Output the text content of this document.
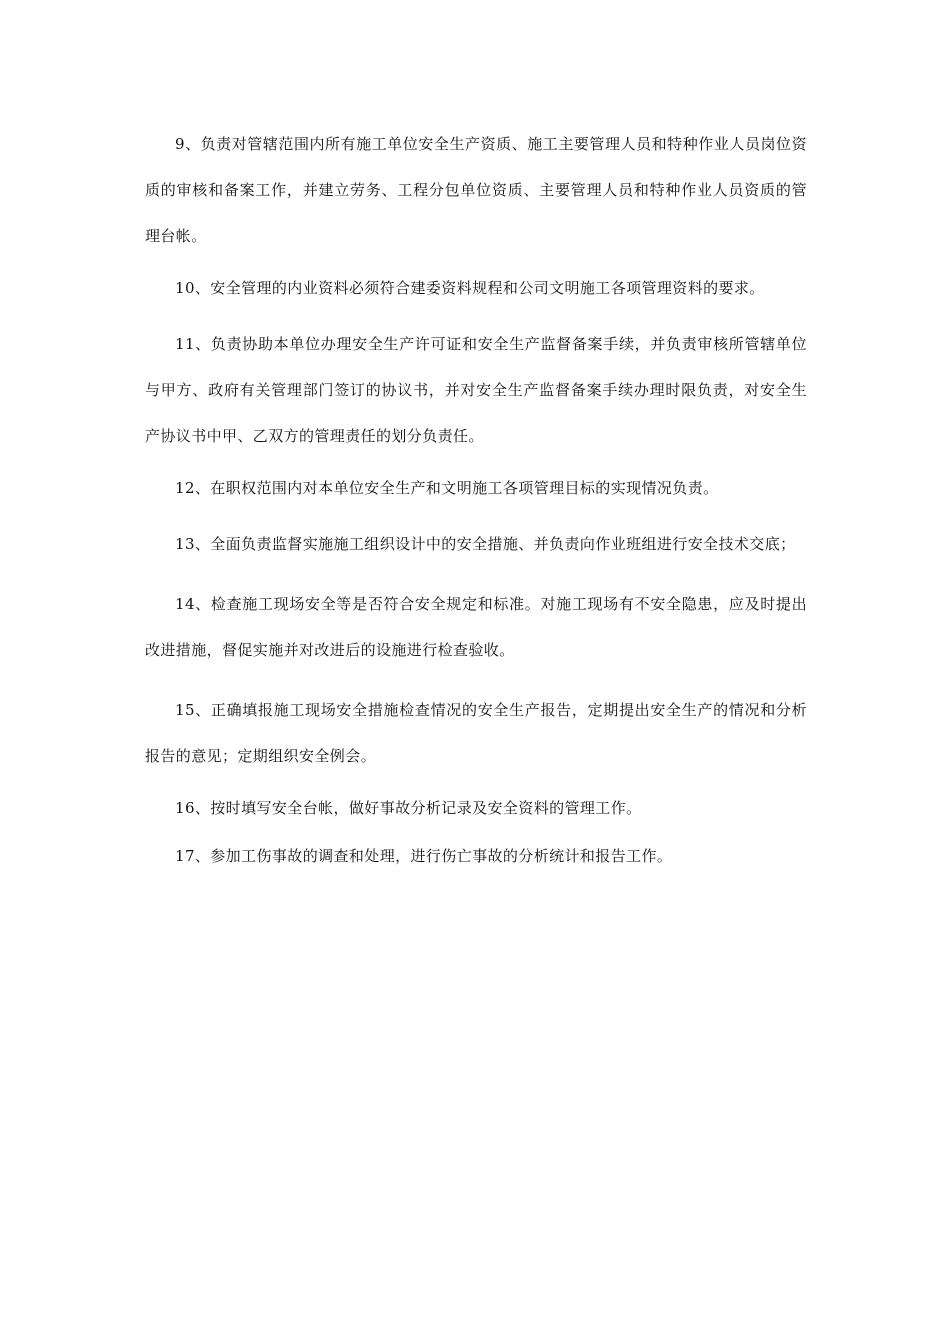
9、负责对管辖范围内所有施工单位安全生产资质、施工主要管理人员和特种作业人员岗位资质的审核和备案工作，并建立劳务、工程分包单位资质、主要管理人员和特种作业人员资质的管理台帐。

10、安全管理的内业资料必须符合建委资料规程和公司文明施工各项管理资料的要求。

11、负责协助本单位办理安全生产许可证和安全生产监督备案手续，并负责审核所管辖单位与甲方、政府有关管理部门签订的协议书，并对安全生产监督备案手续办理时限负责，对安全生产协议书中甲、乙双方的管理责任的划分负责任。

12、在职权范围内对本单位安全生产和文明施工各项管理目标的实现情况负责。

13、全面负责监督实施施工组织设计中的安全措施、并负责向作业班组进行安全技术交底；

14、检查施工现场安全等是否符合安全规定和标准。对施工现场有不安全隐患，应及时提出改进措施，督促实施并对改进后的设施进行检查验收。

15、正确填报施工现场安全措施检查情况的安全生产报告，定期提出安全生产的情况和分析报告的意见；定期组织安全例会。

16、按时填写安全台帐，做好事故分析记录及安全资料的管理工作。

17、参加工伤事故的调查和处理，进行伤亡事故的分析统计和报告工作。
